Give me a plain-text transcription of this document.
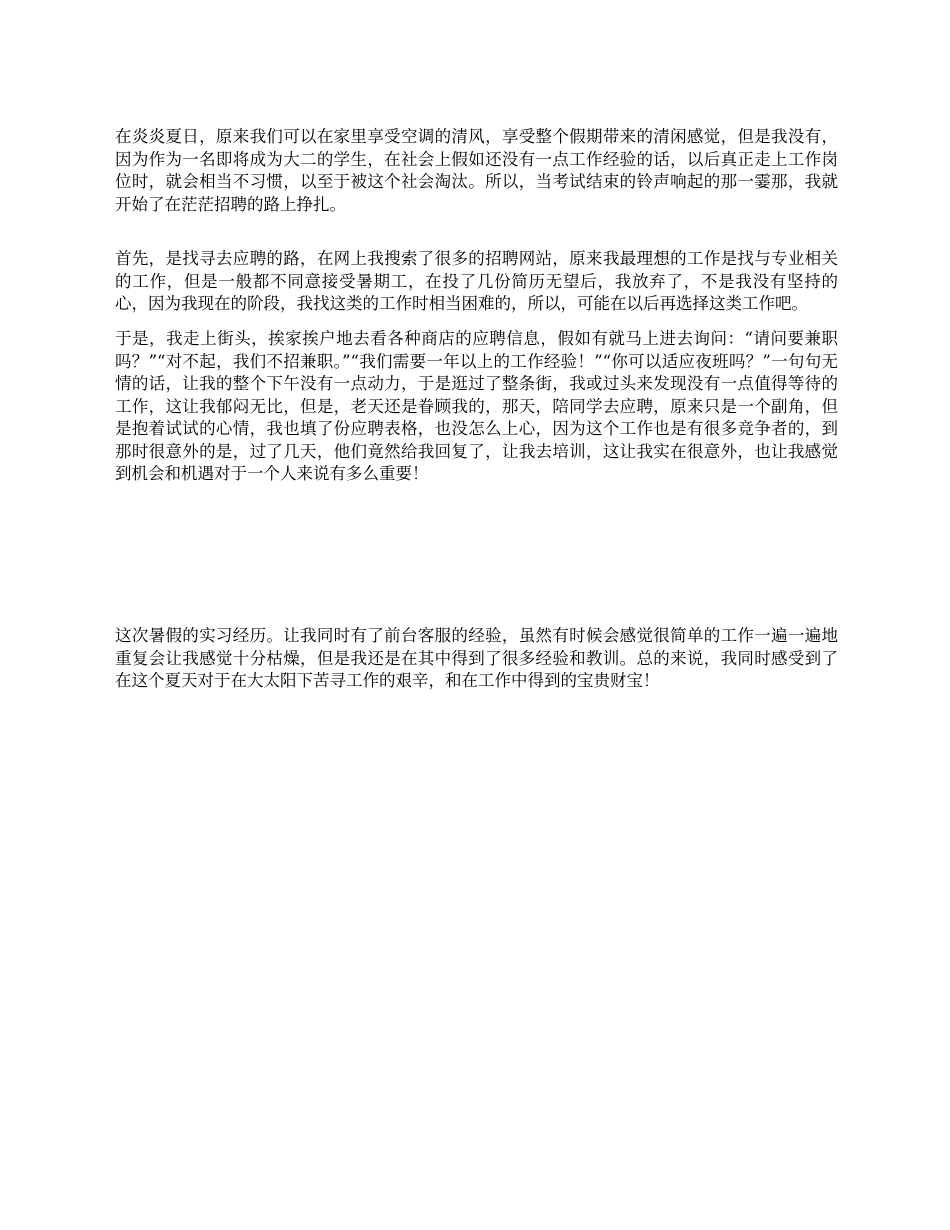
在炎炎夏日，原来我们可以在家里享受空调的清风，享受整个假期带来的清闲感觉，但是我没有，因为作为一名即将成为大二的学生，在社会上假如还没有一点工作经验的话，以后真正走上工作岗位时，就会相当不习惯，以至于被这个社会淘汰。所以，当考试结束的铃声响起的那一霎那，我就开始了在茫茫招聘的路上挣扎。

首先，是找寻去应聘的路，在网上我搜索了很多的招聘网站，原来我最理想的工作是找与专业相关的工作，但是一般都不同意接受暑期工，在投了几份简历无望后，我放弃了，不是我没有坚持的心，因为我现在的阶段，我找这类的工作时相当困难的，所以，可能在以后再选择这类工作吧。

于是，我走上街头，挨家挨户地去看各种商店的应聘信息，假如有就马上进去询问：“请问要兼职吗？”“对不起，我们不招兼职。”“我们需要一年以上的工作经验！”“你可以适应夜班吗？”一句句无情的话，让我的整个下午没有一点动力，于是逛过了整条街，我或过头来发现没有一点值得等待的工作，这让我郁闷无比，但是，老天还是眷顾我的，那天，陪同学去应聘，原来只是一个副角，但是抱着试试的心情，我也填了份应聘表格，也没怎么上心，因为这个工作也是有很多竞争者的，到那时很意外的是，过了几天，他们竟然给我回复了，让我去培训，这让我实在很意外，也让我感觉到机会和机遇对于一个人来说有多么重要！

这次暑假的实习经历。让我同时有了前台客服的经验，虽然有时候会感觉很简单的工作一遍一遍地重复会让我感觉十分枯燥，但是我还是在其中得到了很多经验和教训。总的来说，我同时感受到了在这个夏天对于在大太阳下苦寻工作的艰辛，和在工作中得到的宝贵财宝！
